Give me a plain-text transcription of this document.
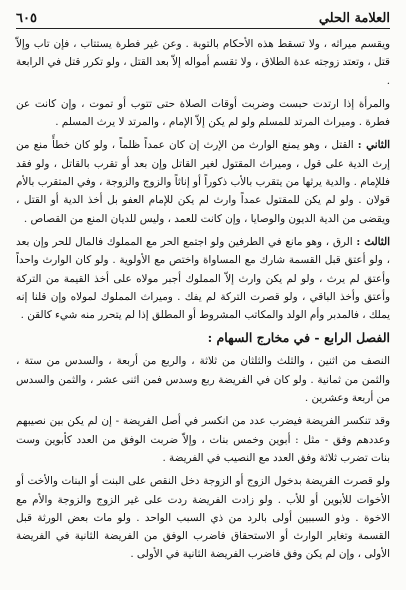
العلامة الحلي
٦٠٥

ويقسم ميراثه ، ولا تسقط هذه الأحكام بالتوبة . وعن غير فطرة يستتاب ، فإن تاب وإلاّ قتل ، وتعتد زوجته عدة الطلاق ، ولا تقسم أمواله إلاّ بعد القتل ، ولو تكرر قتل في الرابعة .

والمرأة إذا ارتدت حبست وضربت أوقات الصلاة حتى تتوب أو تموت ، وإن كانت عن فطرة . وميراث المرتد للمسلم ولو لم يكن إلاّ الإمام ، والمرتد لا يرث المسلم .

الثاني : القتل ، وهو يمنع الوارث من الإرث إن كان عمداً ظلماً ، ولو كان خطأً منع من إرث الدية على قول ، وميراث المقتول لغير القاتل وإن بعد أو تقرب بالقاتل ، ولو فقد فللإمام . والدية يرثها من يتقرب بالأب ذكوراً أو إناثاً والزوج والزوجة ، وفي المتقرب بالأم قولان . ولو لم يكن للمقتول عمداً وارث لم يكن للإمام العفو بل أخذ الدية أو القتل ، ويقضى من الدية الديون والوصايا ، وإن كانت للعمد ، وليس للديان المنع من القصاص .

الثالث : الرق ، وهو مانع في الطرفين ولو اجتمع الحر مع المملوك فالمال للحر وإن بعد ، ولو أعتق قبل القسمة شارك مع المساواة واختص مع الأولوية . ولو كان الوارث واحداً وأعتق لم يرث ، ولو لم يكن وارث إلاّ المملوك أجبر مولاه على أخذ القيمة من التركة وأعتق وأخذ الباقي ، ولو قصرت التركة لم يفك . وميراث المملوك لمولاه وإن قلنا إنه يملك ، فالمدبر وأم الولد والمكاتب المشروط أو المطلق إذا لم يتحرر منه شيء كالقن .

الفصل الرابع - في مخارج السهام :

النصف من اثنين ، والثلث والثلثان من ثلاثة ، والربع من أربعة ، والسدس من ستة ، والثمن من ثمانية . ولو كان في الفريضة ربع وسدس فمن اثنى عشر ، والثمن والسدس من أربعة وعشرين .

وقد تنكسر الفريضة فيضرب عدد من انكسر في أصل الفريضة - إن لم يكن بين نصيبهم وعددهم وفق - مثل : أبوين وخمس بنات ، وإلاّ ضربت الوفق من العدد كأبوين وست بنات تضرب ثلاثة وفق العدد مع النصيب في الفريضة .

ولو قصرت الفريضة بدخول الزوج أو الزوجة دخل النقص على البنت أو البنات والأخت أو الأخوات للأبوين أو للأب . ولو زادت الفريضة ردت على غير الزوج والزوجة والأم مع الاخوة . وذو السببين أولى بالرد من ذي السبب الواحد . ولو مات بعض الورثة قبل القسمة وتغاير الوارث أو الاستحقاق فاضرب الوفق من الفريضة الثانية في الفريضة الأولى ، وإن لم يكن وفق فاضرب الفريضة الثانية في الأولى .
